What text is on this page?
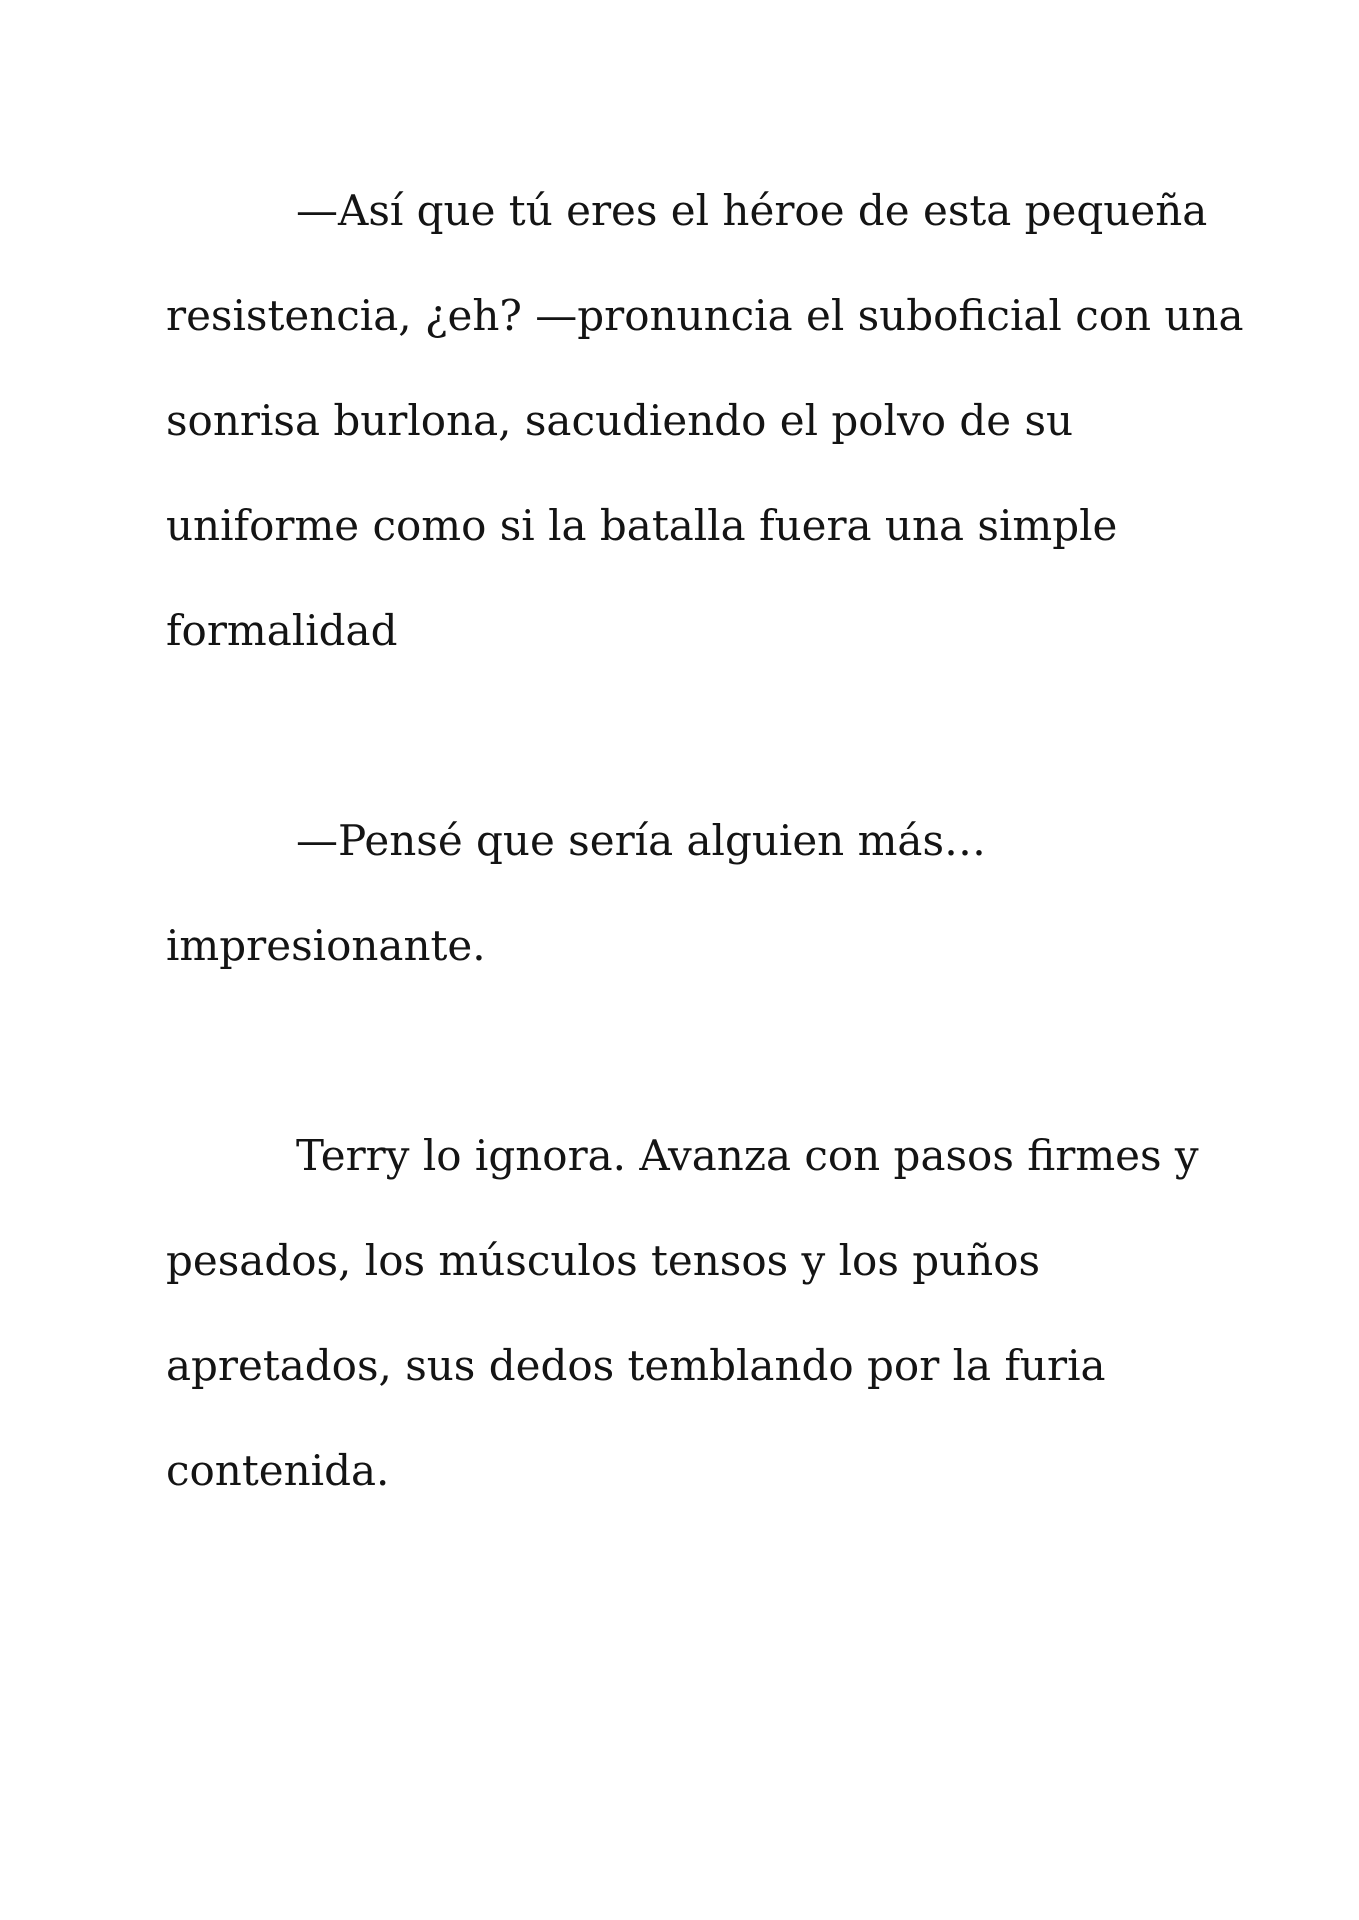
—Así que tú eres el héroe de esta pequeña
resistencia, ¿eh? —pronuncia el suboficial con una
sonrisa burlona, sacudiendo el polvo de su
uniforme como si la batalla fuera una simple
formalidad

—Pensé que sería alguien más…
impresionante.

Terry lo ignora. Avanza con pasos firmes y
pesados, los músculos tensos y los puños
apretados, sus dedos temblando por la furia
contenida.
